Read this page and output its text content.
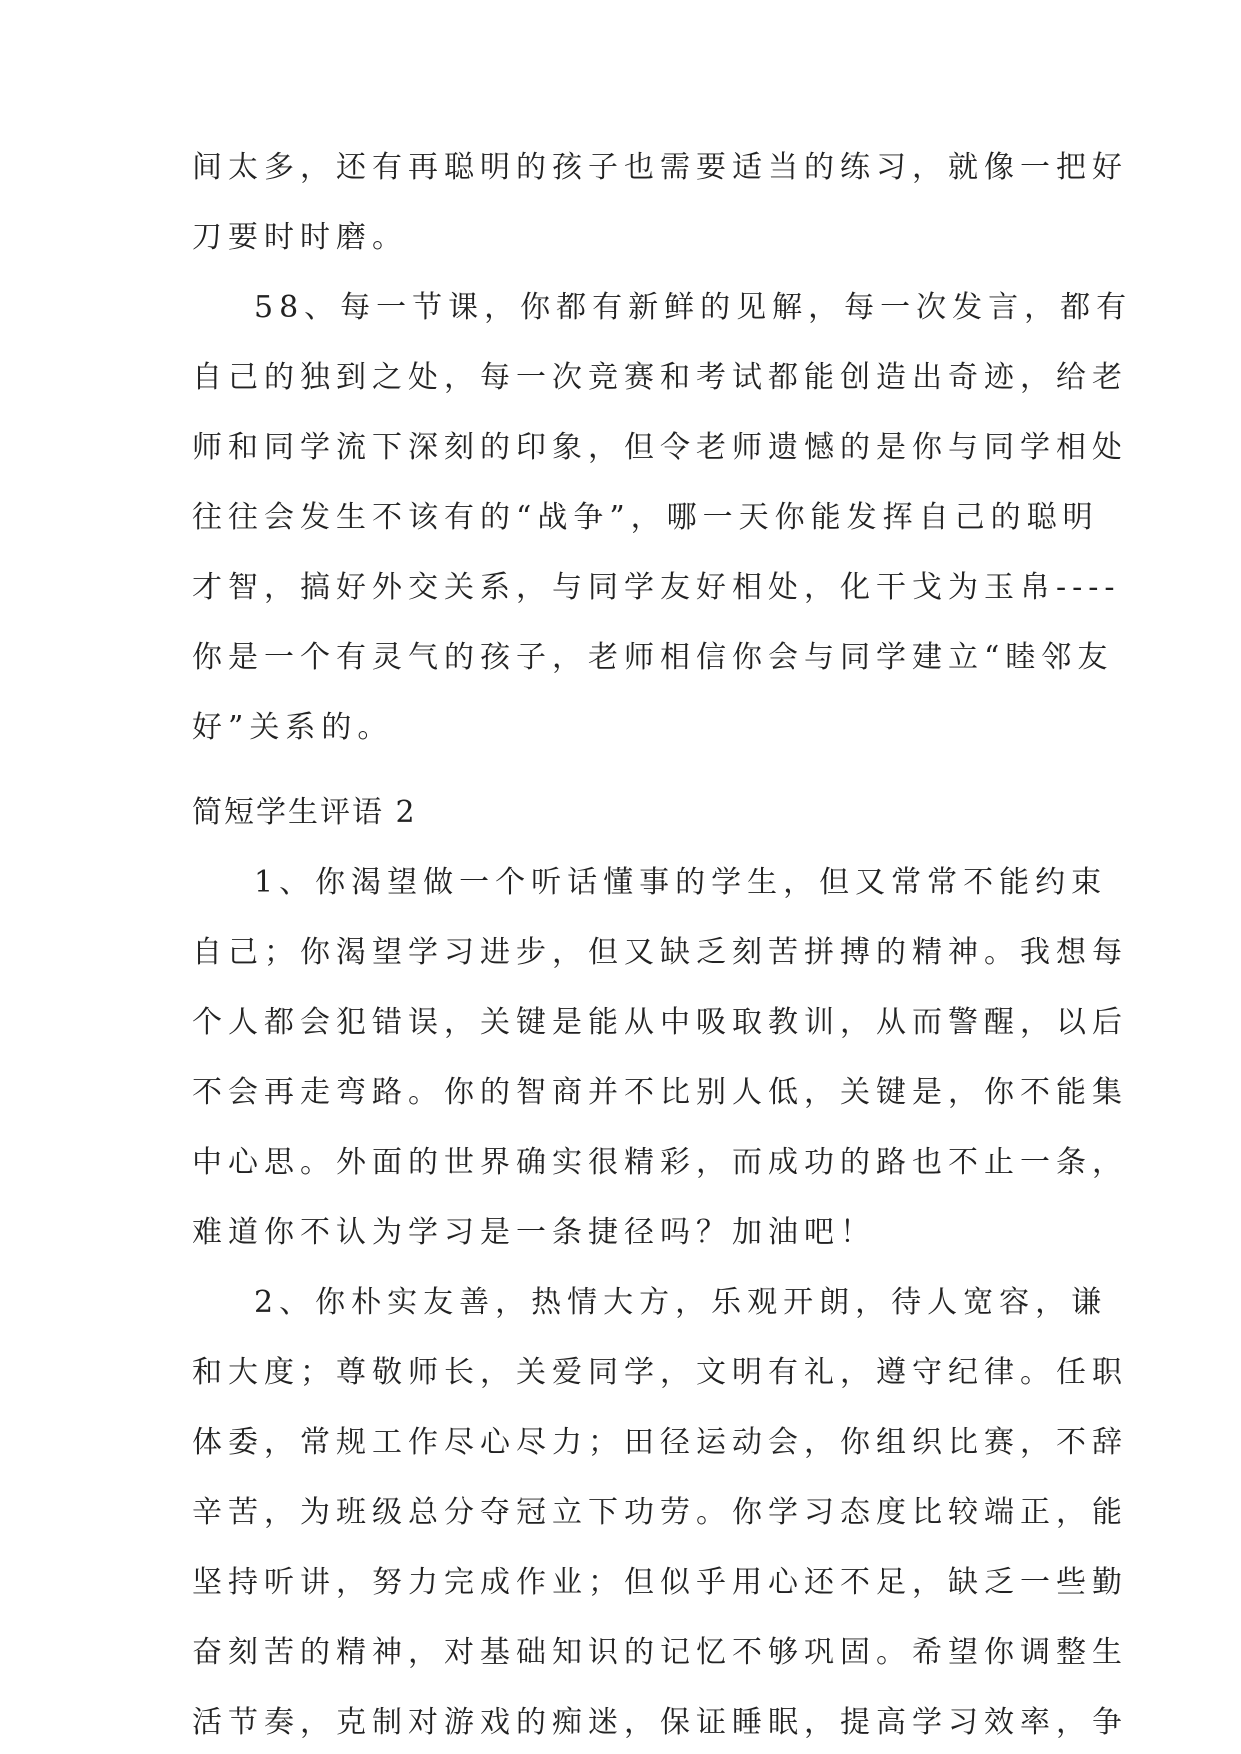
间太多，还有再聪明的孩子也需要适当的练习，就像一把好
刀要时时磨。
58、每一节课，你都有新鲜的见解，每一次发言，都有
自己的独到之处，每一次竞赛和考试都能创造出奇迹，给老
师和同学流下深刻的印象，但令老师遗憾的是你与同学相处
往往会发生不该有的“战争”，哪一天你能发挥自己的聪明
才智，搞好外交关系，与同学友好相处，化干戈为玉帛----
你是一个有灵气的孩子，老师相信你会与同学建立“睦邻友
好”关系的。
简短学生评语 2
1、你渴望做一个听话懂事的学生，但又常常不能约束
自己；你渴望学习进步，但又缺乏刻苦拼搏的精神。我想每
个人都会犯错误，关键是能从中吸取教训，从而警醒，以后
不会再走弯路。你的智商并不比别人低，关键是，你不能集
中心思。外面的世界确实很精彩，而成功的路也不止一条，
难道你不认为学习是一条捷径吗？加油吧！
2、你朴实友善，热情大方，乐观开朗，待人宽容，谦
和大度；尊敬师长，关爱同学，文明有礼，遵守纪律。任职
体委，常规工作尽心尽力；田径运动会，你组织比赛，不辞
辛苦，为班级总分夺冠立下功劳。你学习态度比较端正，能
坚持听讲，努力完成作业；但似乎用心还不足，缺乏一些勤
奋刻苦的精神，对基础知识的记忆不够巩固。希望你调整生
活节奏，克制对游戏的痴迷，保证睡眠，提高学习效率，争
